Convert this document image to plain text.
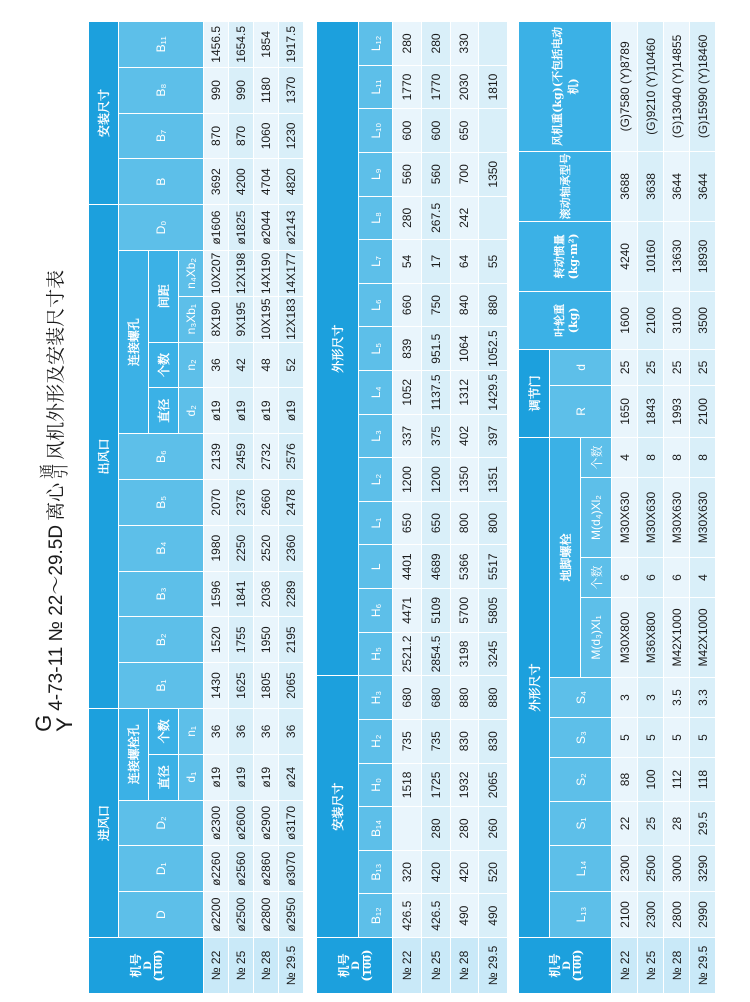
G
Y
4-73-11 № 22～29.5D
离心
通
引
风机外形及安装尺寸表
机号
(
D 100)	进风口					出风口											安装尺寸			
	D	D₁	D₂	连接螺栓孔		B₁	B₂	B₃	B₄	B₅	B₆	连接螺孔				D₀	B	B₇	B₈	B₁₁
				直径	个数							直径	个数	间距						
				d₁	n₁							d₂	n₂	n₃Xb₁	n₄Xb₂					
№ 22	ø2200	ø2260	ø2300	ø19	36	1430	1520	1596	1980	2070	2139	ø19	36	8X190	10X207	ø1606	3692	870	990	1456.5
№ 25	ø2500	ø2560	ø2600	ø19	36	1625	1755	1841	2250	2376	2459	ø19	42	9X195	12X198	ø1825	4200	870	990	1654.5
№ 28	ø2800	ø2860	ø2900	ø19	36	1805	1950	2036	2520	2660	2732	ø19	48	10X195	14X190	ø2044	4704	1060	1180	1854
№ 29.5	ø2950	ø3070	ø3170	ø24	36	2065	2195	2289	2360	2478	2576	ø19	52	12X183	14X177	ø2143	4820	1230	1370	1917.5
机号
(
D 100)	安装尺寸						外形尺寸														
	B₁₂	B₁₃	B₁₄	H₀	H₂	H₃	H₅	H₆	L	L₁	L₂	L₃	L₄	L₅	L₆	L₇	L₈	L₉	L₁₀	L₁₁	L₁₂
№ 22	426.5	320		1518	735	680	2521.2	4471	4401	650	1200	337	1052	839	660	54	280	560	600	1770	280
№ 25	426.5	420	280	1725	735	680	2854.5	5109	4689	650	1200	375	1137.5	951.5	750	17	267.5	560	600	1770	280
№ 28	490	420	280	1932	830	880	3198	5700	5366	800	1350	402	1312	1064	840	64	242	700	650	2030	330
№ 29.5	490	520	260	2065	830	880	3245	5805	5517	800	1351	397	1429.5	1052.5	880	55		1350		1810	
机号
(
D 100)	外形尺寸										调节门		叶轮重(kg)	转动惯量(kg·m²)	滚动轴承型号	风机重(kg)(不包括电动机)
	L₁₃	L₁₄	S₁	S₂	S₃	S₄	地脚螺栓				R	d				
							M(d₃)Xl₁	个数	M(d₄)Xl₂	个数						
№ 22	2100	2300	22	88	5	3	M30X800	6	M30X630	4	1650	25	1600	4240	3688	(G)7580 (Y)8789
№ 25	2300	2500	25	100	5	3	M36X800	6	M30X630	8	1843	25	2100	10160	3638	(G)9210 (Y)10460
№ 28	2800	3000	28	112	5	3.5	M42X1000	6	M30X630	8	1993	25	3100	13630	3644	(G)13040 (Y)14855
№ 29.5	2990	3290	29.5	118	5	3.3	M42X1000	4	M30X630	8	2100	25	3500	18930	3644	(G)15990 (Y)18460
